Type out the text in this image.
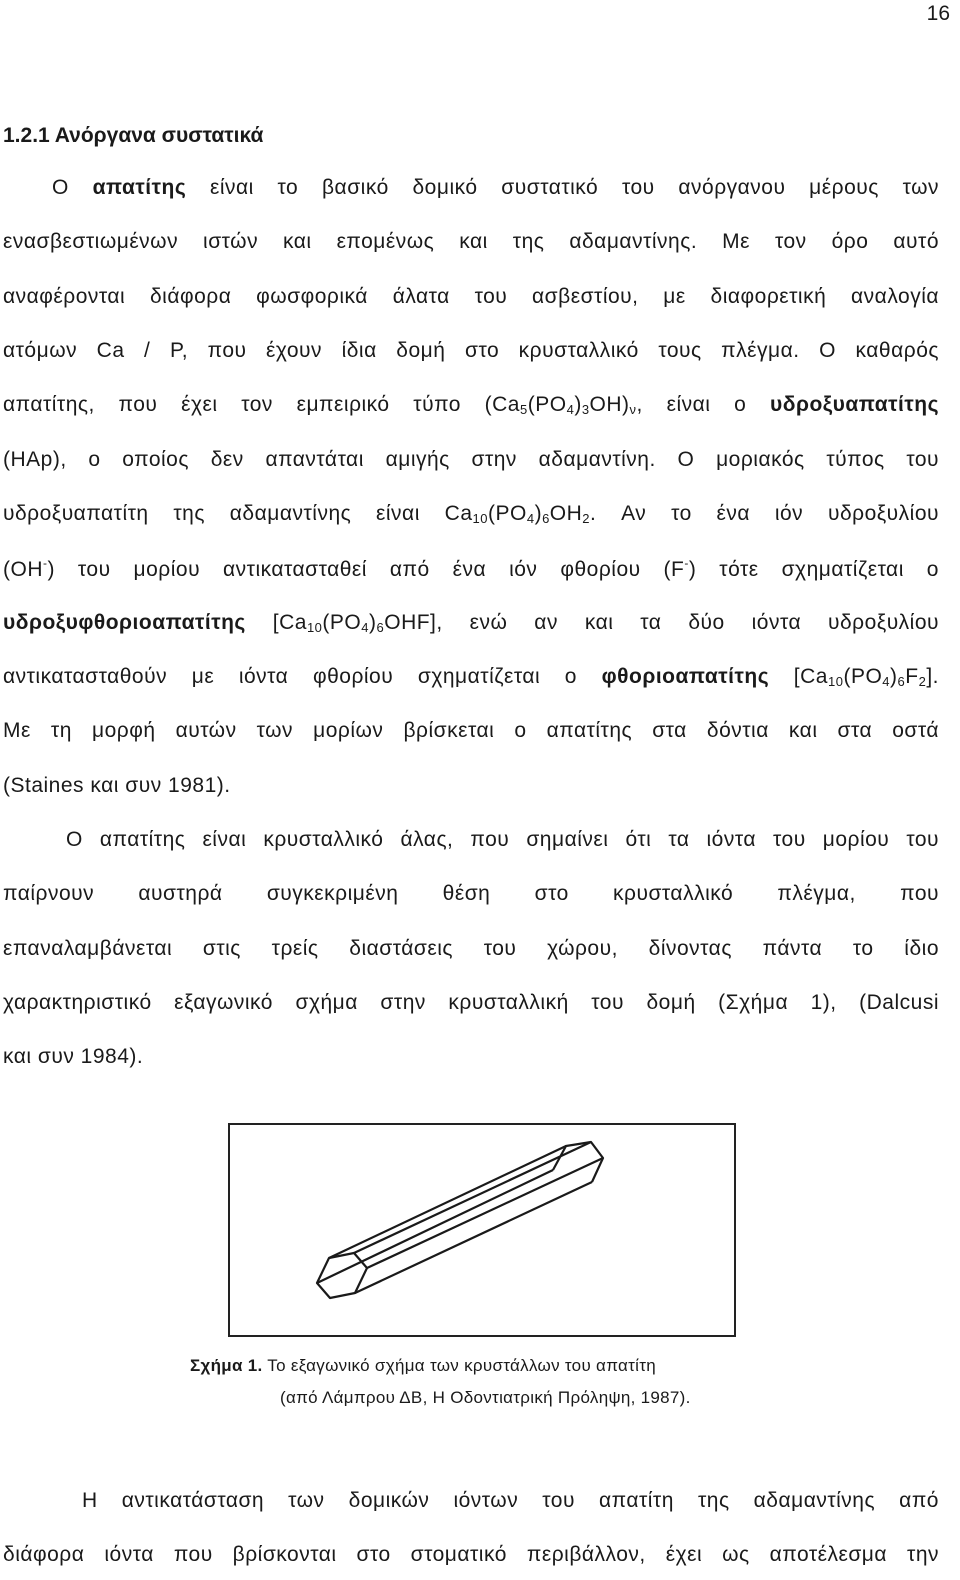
16
1.2.1 Ανόργανα συστατικά
Ο απατίτης είναι το βασικό δομικό συστατικό του ανόργανου μέρους των
ενασβεστιωμένων ιστών και επομένως και της αδαμαντίνης. Με τον όρο αυτό
αναφέρονται διάφορα φωσφορικά άλατα του ασβεστίου, με διαφορετική αναλογία
ατόμων Ca / P, που έχουν ίδια δομή στο κρυσταλλικό τους πλέγμα. Ο καθαρός
απατίτης, που έχει τον εμπειρικό τύπο $(Ca_5(PO_4)_3OH)_\nu$, είναι ο υδροξυαπατίτης
(HAp), ο οποίος δεν απαντάται αμιγής στην αδαμαντίνη. Ο μοριακός τύπος του
υδροξυαπατίτη της αδαμαντίνης είναι $Ca_{10}(PO_4)_6OH_2$. Αν το ένα ιόν υδροξυλίου
(OH-) του μορίου αντικατασταθεί από ένα ιόν φθορίου (F-) τότε σχηματίζεται ο
υδροξυφθοριοαπατίτης $[Ca_{10}(PO_4)_6OHF]$, ενώ αν και τα δύο ιόντα υδροξυλίου
αντικατασταθούν με ιόντα φθορίου σχηματίζεται ο φθοριοαπατίτης $[Ca_{10}(PO_4)_6F_2]$.
Με τη μορφή αυτών των μορίων βρίσκεται ο απατίτης στα δόντια και στα οστά
(Staines και συν 1981).
Ο απατίτης είναι κρυσταλλικό άλας, που σημαίνει ότι τα ιόντα του μορίου του
παίρνουν αυστηρά συγκεκριμένη θέση στο κρυσταλλικό πλέγμα, που
επαναλαμβάνεται στις τρείς διαστάσεις του χώρου, δίνοντας πάντα το ίδιο
χαρακτηριστικό εξαγωνικό σχήμα στην κρυσταλλική του δομή (Σχήμα 1), (Dalcusi
και συν 1984).
Σχήμα 1. Το εξαγωνικό σχήμα των κρυστάλλων του απατίτη
(από Λάμπρου ΔΒ, Η Οδοντιατρική Πρόληψη, 1987).
Η αντικατάσταση των δομικών ιόντων του απατίτη της αδαμαντίνης από
διάφορα ιόντα που βρίσκονται στο στοματικό περιβάλλον, έχει ως αποτέλεσμα την
